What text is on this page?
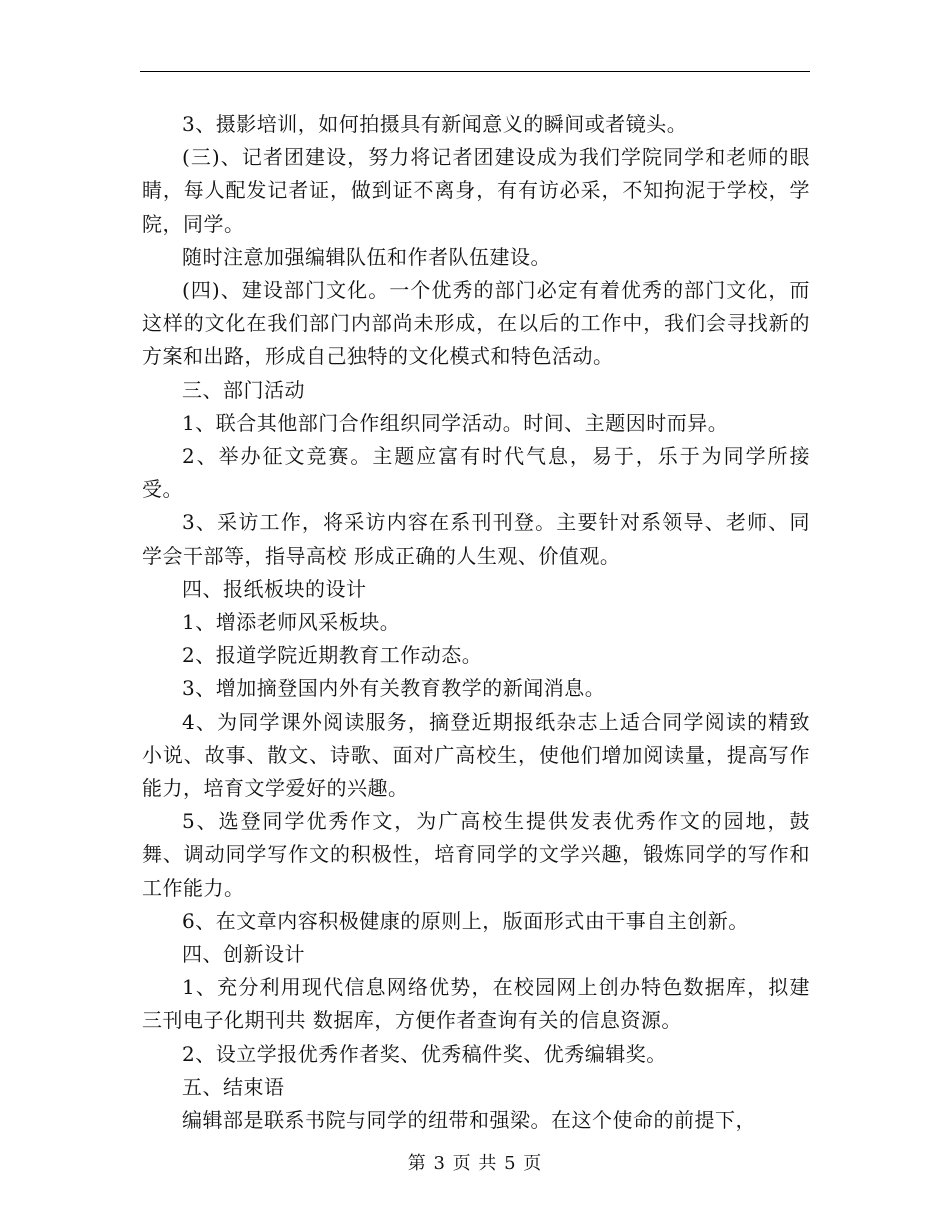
3、摄影培训，如何拍摄具有新闻意义的瞬间或者镜头。

(三)、记者团建设，努力将记者团建设成为我们学院同学和老师的眼睛，每人配发记者证，做到证不离身，有有访必采，不知拘泥于学校，学院，同学。

随时注意加强编辑队伍和作者队伍建设。

(四)、建设部门文化。一个优秀的部门必定有着优秀的部门文化，而这样的文化在我们部门内部尚未形成，在以后的工作中，我们会寻找新的方案和出路，形成自己独特的文化模式和特色活动。

三、部门活动

1、联合其他部门合作组织同学活动。时间、主题因时而异。

2、举办征文竞赛。主题应富有时代气息，易于，乐于为同学所接受。

3、采访工作，将采访内容在系刊刊登。主要针对系领导、老师、同学会干部等，指导高校 形成正确的人生观、价值观。

四、报纸板块的设计

1、增添老师风采板块。

2、报道学院近期教育工作动态。

3、增加摘登国内外有关教育教学的新闻消息。

4、为同学课外阅读服务，摘登近期报纸杂志上适合同学阅读的精致小说、故事、散文、诗歌、面对广高校生，使他们增加阅读量，提高写作能力，培育文学爱好的兴趣。

5、选登同学优秀作文，为广高校生提供发表优秀作文的园地，鼓舞、调动同学写作文的积极性，培育同学的文学兴趣，锻炼同学的写作和工作能力。

6、在文章内容积极健康的原则上，版面形式由干事自主创新。

四、创新设计

1、充分利用现代信息网络优势，在校园网上创办特色数据库，拟建三刊电子化期刊共 数据库，方便作者查询有关的信息资源。

2、设立学报优秀作者奖、优秀稿件奖、优秀编辑奖。

五、结束语

编辑部是联系书院与同学的纽带和强梁。在这个使命的前提下，

第 3 页 共 5 页
